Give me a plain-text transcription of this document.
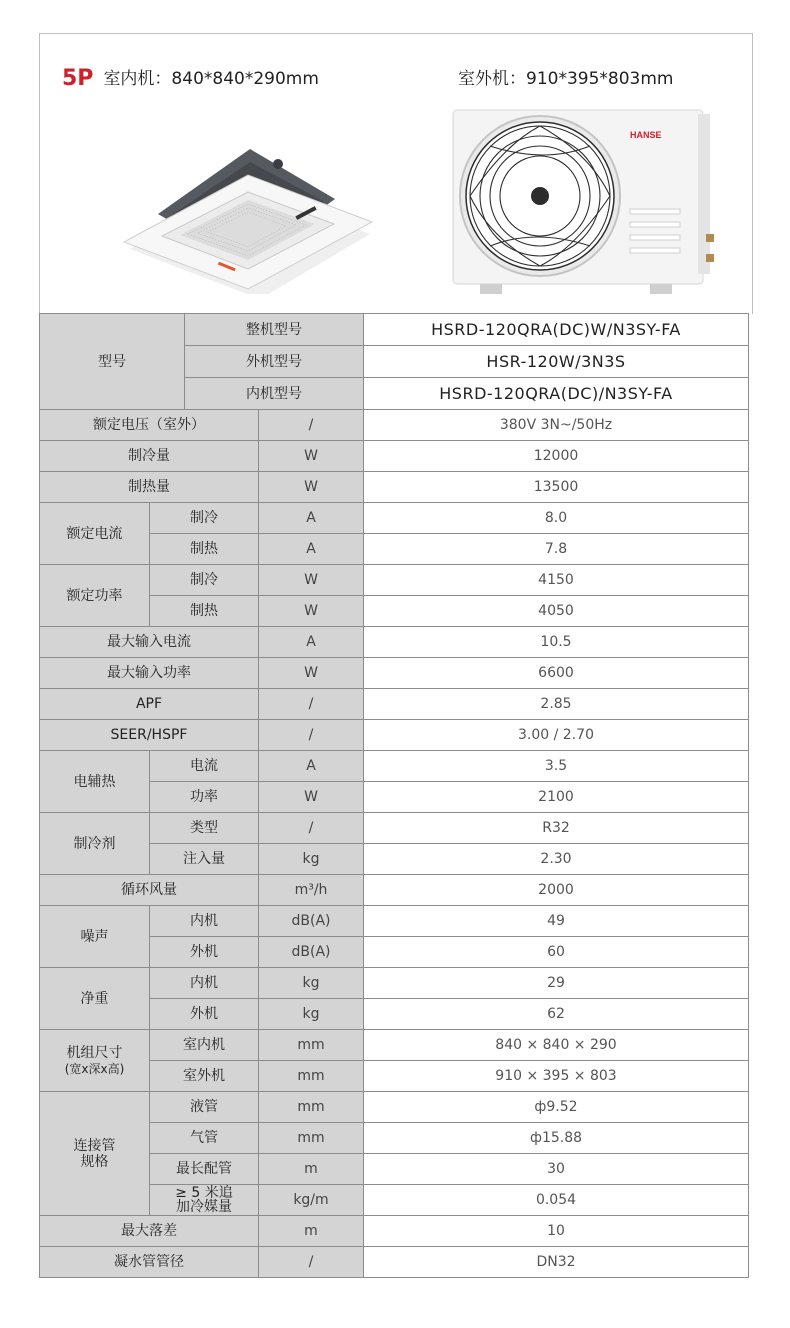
5P 室内机：840*840*290mm	室外机：910*395*803mm
HANSE
型号		整机型号		HSRD-120QRA(DC)W/N3SY-FA
		外机型号		HSR-120W/3N3S
		内机型号		HSRD-120QRA(DC)/N3SY-FA
额定电压（室外）			/	380V 3N~/50Hz
制冷量			W	12000
制热量			W	13500
额定电流	制冷		A	8.0
	制热		A	7.8
额定功率	制冷		W	4150
	制热		W	4050
最大输入电流			A	10.5
最大输入功率			W	6600
APF			/	2.85
SEER/HSPF			/	3.00 / 2.70
电辅热	电流		A	3.5
	功率		W	2100
制冷剂	类型		/	R32
	注入量		kg	2.30
循环风量			m³/h	2000
噪声	内机		dB(A)	49
	外机		dB(A)	60
净重	内机		kg	29
	外机		kg	62
机组尺寸
(宽x深x高)	室内机		mm	840 × 840 × 290
	室外机		mm	910 × 395 × 803
连接管规格	液管		mm	ф9.52
	气管		mm	ф15.88
	最长配管		m	30
	≥ 5 米追加冷媒量		kg/m	0.054
最大落差			m	10
凝水管管径			/	DN32
